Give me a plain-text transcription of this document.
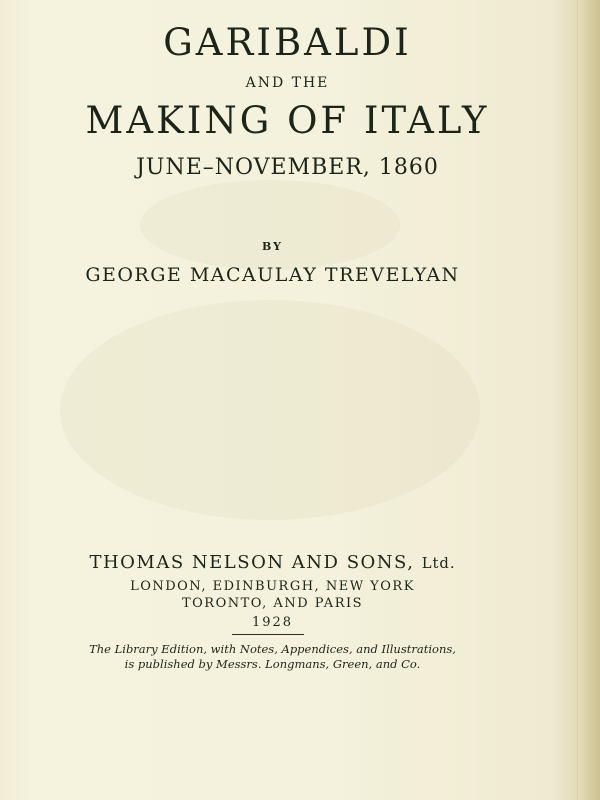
GARIBALDI
AND THE
MAKING OF ITALY
JUNE–NOVEMBER, 1860
BY
GEORGE MACAULAY TREVELYAN
THOMAS NELSON AND SONS, Ltd.
LONDON, EDINBURGH, NEW YORK
TORONTO, AND PARIS
1928
The Library Edition, with Notes, Appendices, and Illustrations,
is published by Messrs. Longmans, Green, and Co.
